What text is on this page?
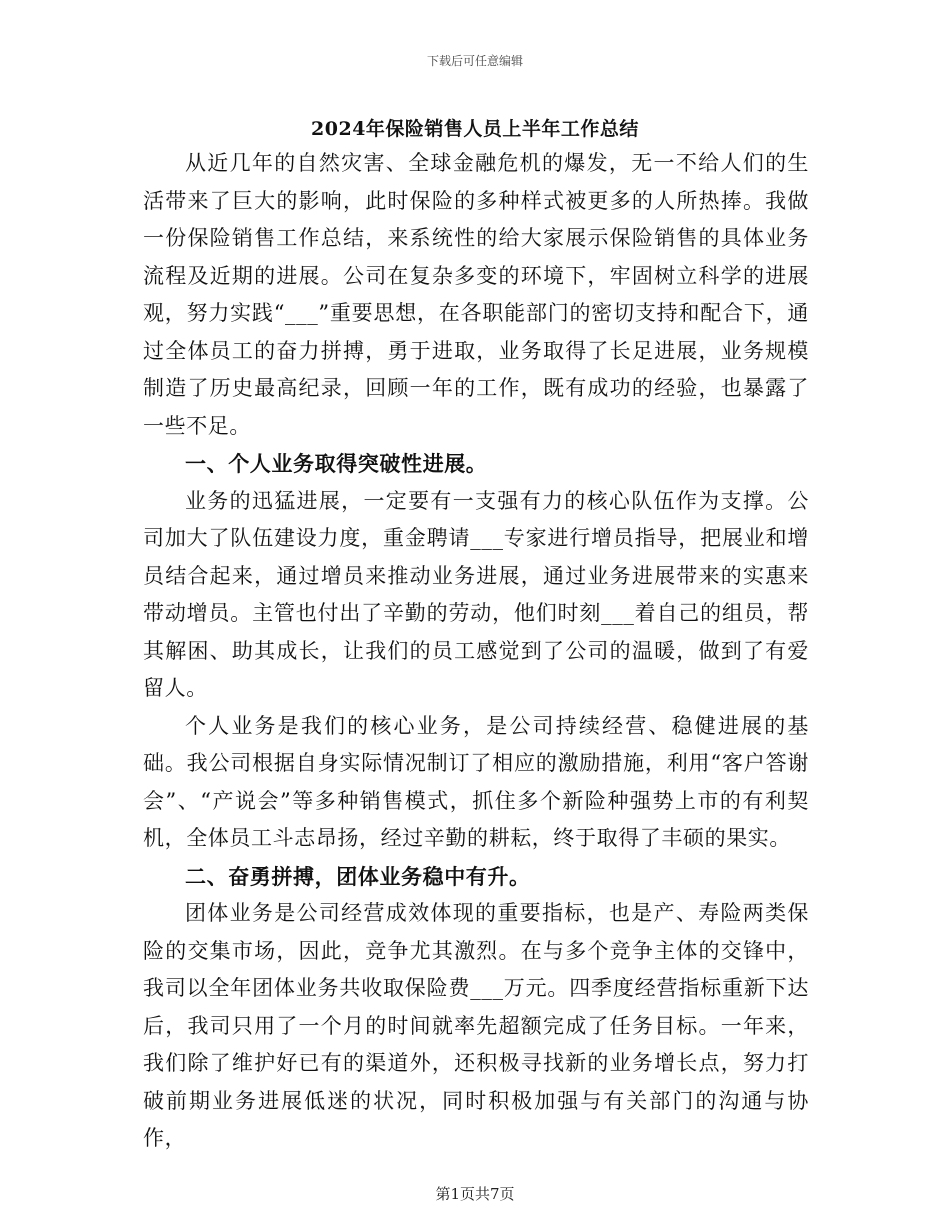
下载后可任意编辑
2024年保险销售人员上半年工作总结

从近几年的自然灾害、全球金融危机的爆发，无一不给人们的生活带来了巨大的影响，此时保险的多种样式被更多的人所热捧。我做一份保险销售工作总结，来系统性的给大家展示保险销售的具体业务流程及近期的进展。公司在复杂多变的环境下，牢固树立科学的进展观，努力实践“___”重要思想，在各职能部门的密切支持和配合下，通过全体员工的奋力拼搏，勇于进取，业务取得了长足进展，业务规模制造了历史最高纪录，回顾一年的工作，既有成功的经验，也暴露了一些不足。

一、个人业务取得突破性进展。

业务的迅猛进展，一定要有一支强有力的核心队伍作为支撑。公司加大了队伍建设力度，重金聘请___专家进行增员指导，把展业和增员结合起来，通过增员来推动业务进展，通过业务进展带来的实惠来带动增员。主管也付出了辛勤的劳动，他们时刻___着自己的组员，帮其解困、助其成长，让我们的员工感觉到了公司的温暖，做到了有爱留人。

个人业务是我们的核心业务，是公司持续经营、稳健进展的基础。我公司根据自身实际情况制订了相应的激励措施，利用“客户答谢会”、“产说会”等多种销售模式，抓住多个新险种强势上市的有利契机，全体员工斗志昂扬，经过辛勤的耕耘，终于取得了丰硕的果实。

二、奋勇拼搏，团体业务稳中有升。

团体业务是公司经营成效体现的重要指标，也是产、寿险两类保险的交集市场，因此，竞争尤其激烈。在与多个竞争主体的交锋中，我司以全年团体业务共收取保险费___万元。四季度经营指标重新下达后，我司只用了一个月的时间就率先超额完成了任务目标。一年来，我们除了维护好已有的渠道外，还积极寻找新的业务增长点，努力打破前期业务进展低迷的状况，同时积极加强与有关部门的沟通与协作，

第1页共7页
